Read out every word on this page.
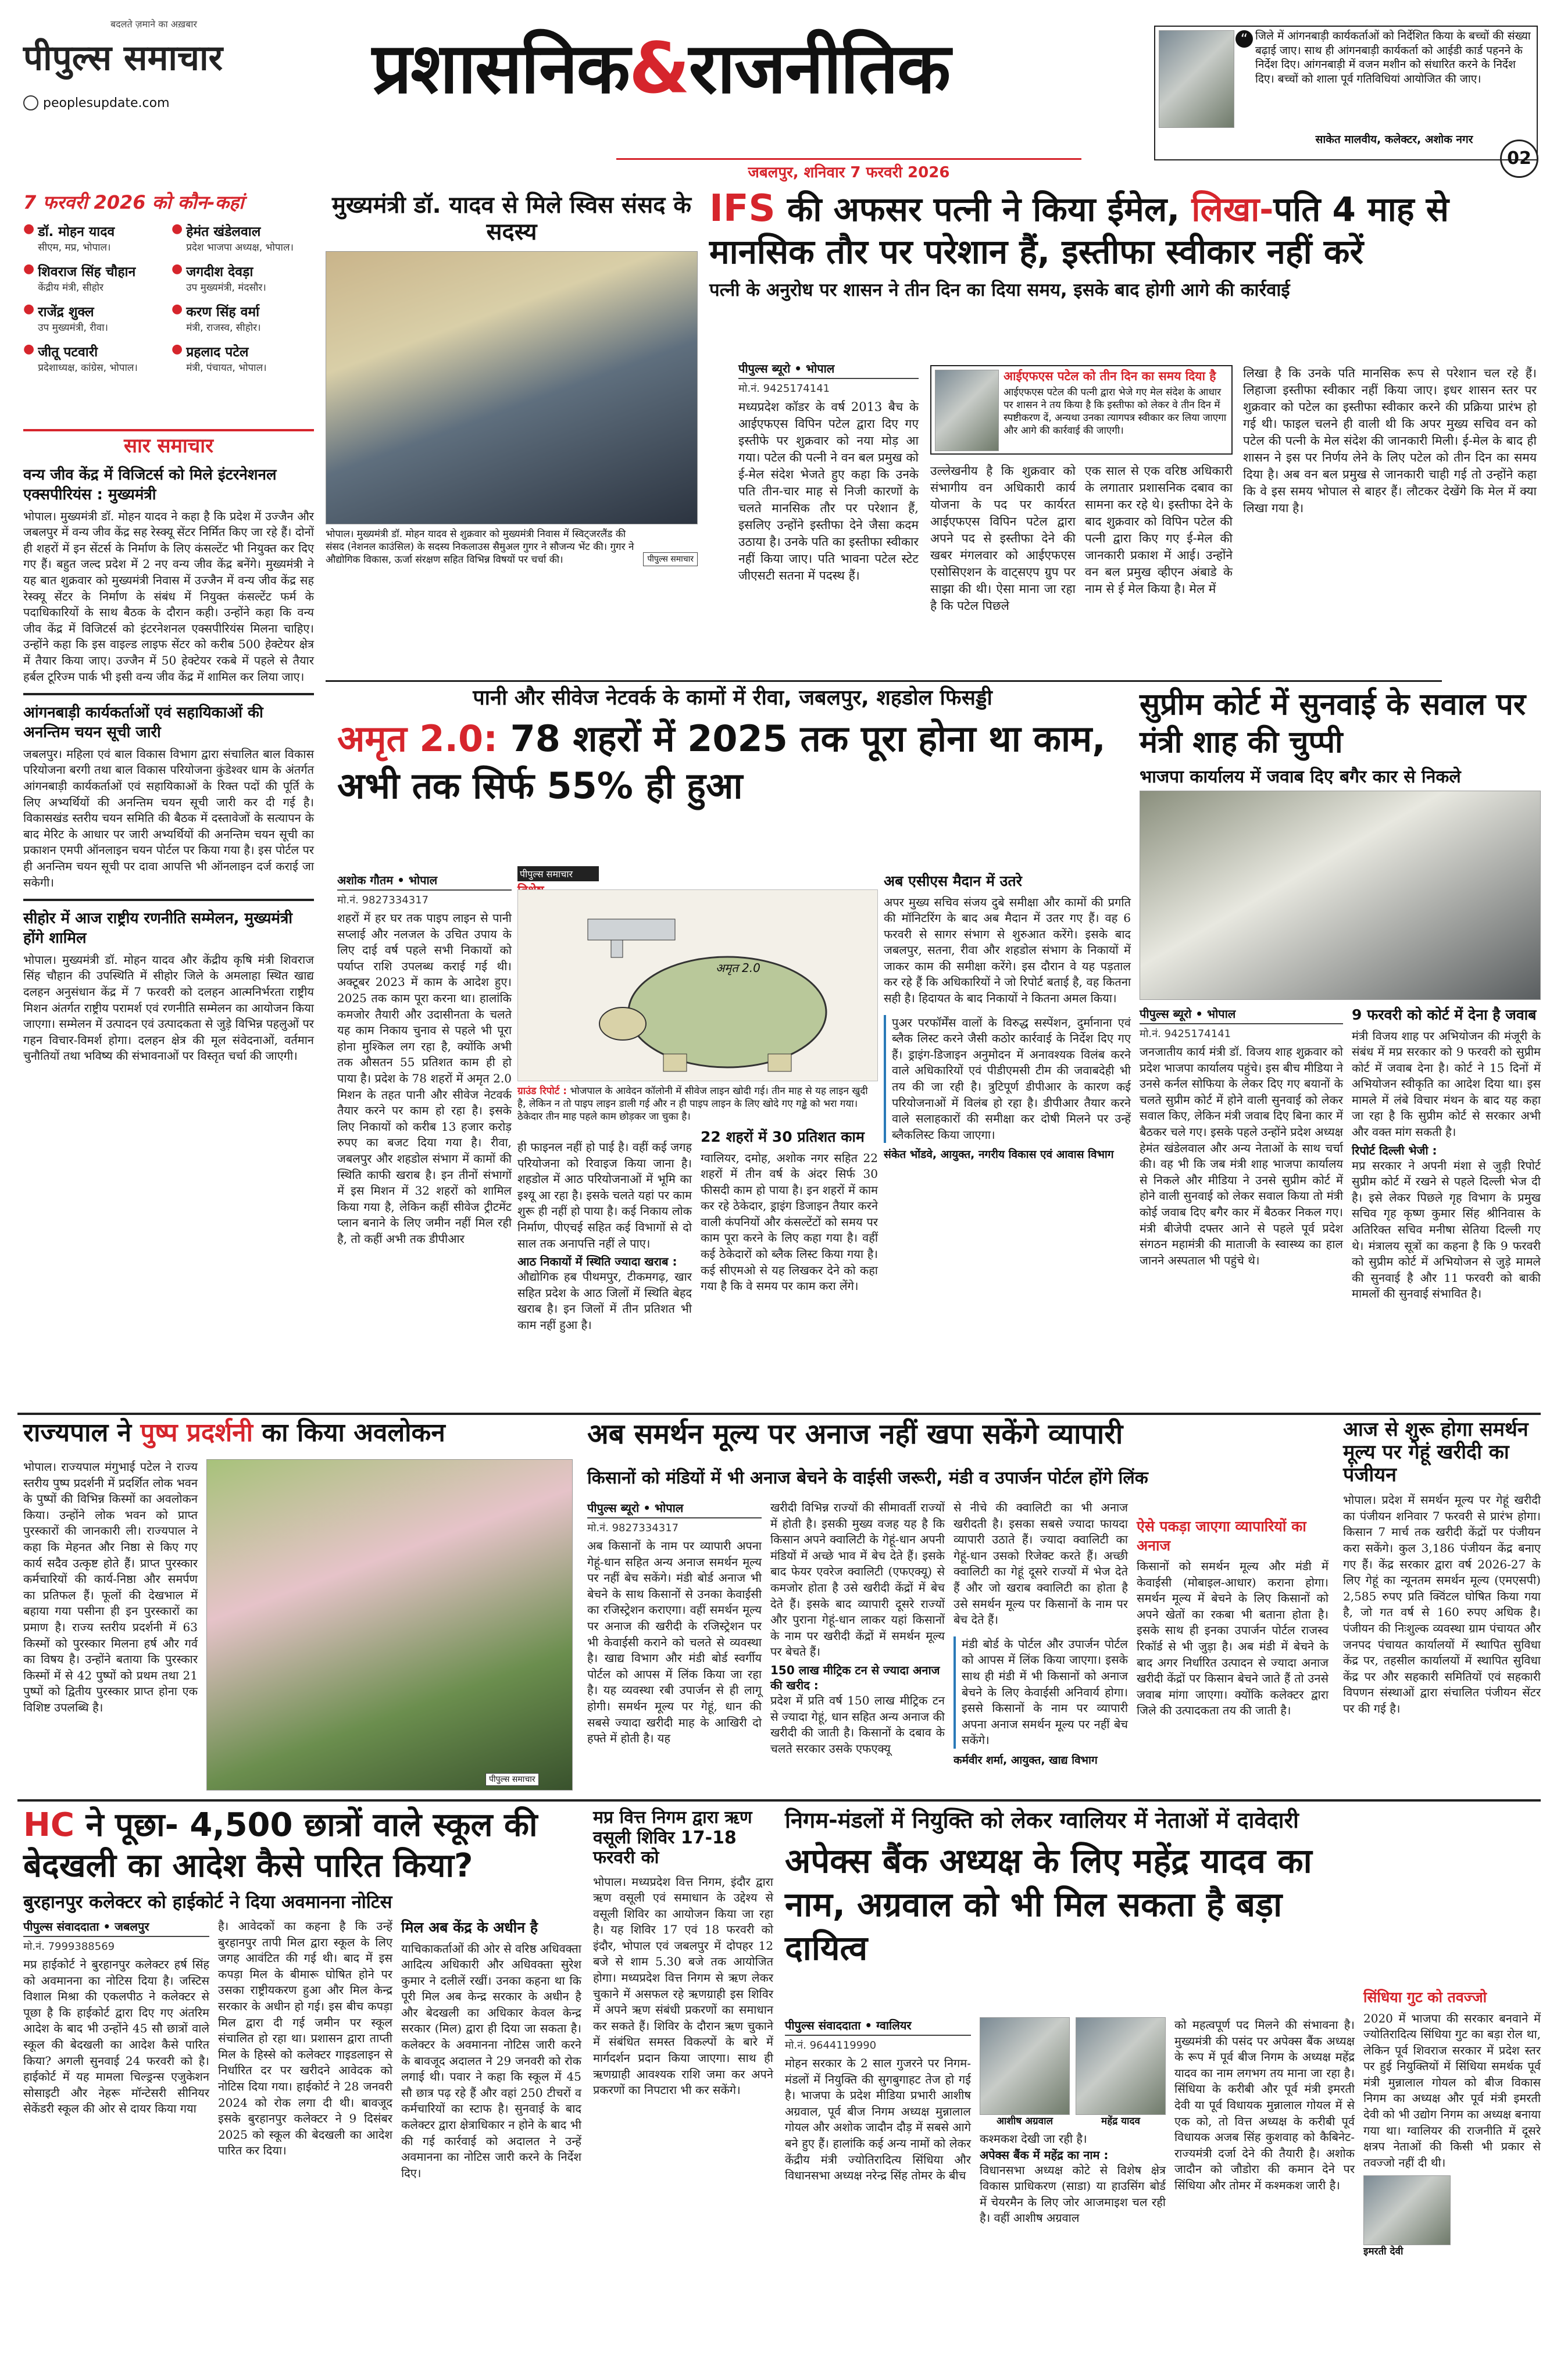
बदलते ज़माने का अख़बार
पीपुल्स समाचार
peoplesupdate.com	प्रशासनिक&राजनीतिक
जबलपुर, शनिवार 7 फरवरी 2026
“ जिले में आंगनबाड़ी कार्यकर्ताओं को निर्देशित किया के बच्चों की संख्या बढ़ाई जाए। साथ ही आंगनबाड़ी कार्यकर्ता को आईडी कार्ड पहनने के निर्देश दिए। आंगनबाड़ी में वजन मशीन को संधारित करने के निर्देश दिए। बच्चों को शाला पूर्व गतिविधियां आयोजित की जाए।
साकेत मालवीय, कलेक्टर, अशोक नगर
02
7 फरवरी 2026 को कौन-कहां
● डॉ. मोहन यादव
सीएम, मप्र, भोपाल।
● हेमंत खंडेलवाल
प्रदेश भाजपा अध्यक्ष, भोपाल।
● शिवराज सिंह चौहान
केंद्रीय मंत्री, सीहोर
● जगदीश देवड़ा
उप मुख्यमंत्री, मंदसौर।
● राजेंद्र शुक्ल
उप मुख्यमंत्री, रीवा।
● करण सिंह वर्मा
मंत्री, राजस्व, सीहोर।
● जीतू पटवारी
प्रदेशाध्यक्ष, कांग्रेस, भोपाल।
● प्रहलाद पटेल
मंत्री, पंचायत, भोपाल।
सार समाचार
वन्य जीव केंद्र में विजिटर्स को मिले इंटरनेशनल एक्सपीरियंस : मुख्यमंत्री
भोपाल। मुख्यमंत्री डॉ. मोहन यादव ने कहा है कि प्रदेश में उज्जैन और जबलपुर में वन्य जीव केंद्र सह रेस्क्यू सेंटर निर्मित किए जा रहे हैं। दोनों ही शहरों में इन सेंटर्स के निर्माण के लिए कंसल्टेंट भी नियुक्त कर दिए गए हैं। बहुत जल्द प्रदेश में 2 नए वन्य जीव केंद्र बनेंगे। मुख्यमंत्री ने यह बात शुक्रवार को मुख्यमंत्री निवास में उज्जैन में वन्य जीव केंद्र सह रेस्क्यू सेंटर के निर्माण के संबंध में नियुक्त कंसल्टेंट फर्म के पदाधिकारियों के साथ बैठक के दौरान कही। उन्होंने कहा कि वन्य जीव केंद्र में विजिटर्स को इंटरनेशनल एक्सपीरियंस मिलना चाहिए। उन्होंने कहा कि इस वाइल्ड लाइफ सेंटर को करीब 500 हेक्टेयर क्षेत्र में तैयार किया जाए। उज्जैन में 50 हेक्टेयर रकबे में पहले से तैयार हर्बल टूरिज्म पार्क भी इसी वन्य जीव केंद्र में शामिल कर लिया जाए।
आंगनबाड़ी कार्यकर्ताओं एवं सहायिकाओं की अनन्तिम चयन सूची जारी
जबलपुर। महिला एवं बाल विकास विभाग द्वारा संचालित बाल विकास परियोजना बरगी तथा बाल विकास परियोजना कुंडेश्वर धाम के अंतर्गत आंगनबाड़ी कार्यकर्ताओं एवं सहायिकाओं के रिक्त पदों की पूर्ति के लिए अभ्यर्थियों की अनन्तिम चयन सूची जारी कर दी गई है। विकासखंड स्तरीय चयन समिति की बैठक में दस्तावेजों के सत्यापन के बाद मेरिट के आधार पर जारी अभ्यर्थियों की अनन्तिम चयन सूची का प्रकाशन एमपी ऑनलाइन चयन पोर्टल पर किया गया है। इस पोर्टल पर ही अनन्तिम चयन सूची पर दावा आपत्ति भी ऑनलाइन दर्ज कराई जा सकेगी।
सीहोर में आज राष्ट्रीय रणनीति सम्मेलन, मुख्यमंत्री होंगे शामिल
भोपाल। मुख्यमंत्री डॉ. मोहन यादव और केंद्रीय कृषि मंत्री शिवराज सिंह चौहान की उपस्थिति में सीहोर जिले के अमलाहा स्थित खाद्य दलहन अनुसंधान केंद्र में 7 फरवरी को दलहन आत्मनिर्भरता राष्ट्रीय मिशन अंतर्गत राष्ट्रीय परामर्श एवं रणनीति सम्मेलन का आयोजन किया जाएगा। सम्मेलन में उत्पादन एवं उत्पादकता से जुड़े विभिन्न पहलुओं पर गहन विचार-विमर्श होगा। दलहन क्षेत्र की मूल संवेदनाओं, वर्तमान चुनौतियों तथा भविष्य की संभावनाओं पर विस्तृत चर्चा की जाएगी।
मुख्यमंत्री डॉ. यादव से मिले स्विस संसद के सदस्य
भोपाल। मुख्यमंत्री डॉ. मोहन यादव से शुक्रवार को मुख्यमंत्री निवास में स्विट्जरलैंड की संसद (नेशनल काउंसिल) के सदस्य निकलाउस सैमुअल गुगर ने सौजन्य भेंट की। गुगर ने औद्योगिक विकास, ऊर्जा संरक्षण सहित विभिन्न विषयों पर चर्चा की।	पीपुल्स समाचार
IFS की अफसर पत्नी ने किया ईमेल, लिखा-पति 4 माह से मानसिक तौर पर परेशान हैं, इस्तीफा स्वीकार नहीं करें
पत्नी के अनुरोध पर शासन ने तीन दिन का दिया समय, इसके बाद होगी आगे की कार्रवाई
पीपुल्स ब्यूरो • भोपाल
मो.नं. 9425174141
मध्यप्रदेश कॉडर के वर्ष 2013 बैच के आईएफएस विपिन पटेल द्वारा दिए गए इस्तीफे पर शुक्रवार को नया मोड़ आ गया। पटेल की पत्नी ने वन बल प्रमुख को ई-मेल संदेश भेजते हुए कहा कि उनके पति तीन-चार माह से निजी कारणों के चलते मानसिक तौर पर परेशान हैं, इसलिए उन्होंने इस्तीफा देने जैसा कदम उठाया है। उनके पति का इस्तीफा स्वीकार नहीं किया जाए। पति भावना पटेल स्टेट जीएसटी सतना में पदस्थ हैं।
आईएफएस पटेल को तीन दिन का समय दिया है
आईएफएस पटेल की पत्नी द्वारा भेजे गए मेल संदेश के आधार पर शासन ने तय किया है कि इस्तीफा को लेकर वे तीन दिन में स्पष्टीकरण दें, अन्यथा उनका त्यागपत्र स्वीकार कर लिया जाएगा और आगे की कार्रवाई की जाएगी।
उल्लेखनीय है कि शुक्रवार को संभागीय वन अधिकारी कार्य योजना के पद पर कार्यरत आईएफएस विपिन पटेल द्वारा अपने पद से इस्तीफा देने की खबर मंगलवार को आईएफएस एसोसिएशन के वाट्सएप ग्रुप पर साझा की थी। ऐसा माना जा रहा है कि पटेल पिछले
एक साल से एक वरिष्ठ अधिकारी के लगातार प्रशासनिक दबाव का सामना कर रहे थे। इस्तीफा देने के बाद शुक्रवार को विपिन पटेल की पत्नी द्वारा किए गए ई-मेल की जानकारी प्रकाश में आई। उन्होंने वन बल प्रमुख व्हीएन अंबाडे के नाम से ई मेल किया है। मेल में
लिखा है कि उनके पति मानसिक रूप से परेशान चल रहे हैं। लिहाजा इस्तीफा स्वीकार नहीं किया जाए। इधर शासन स्तर पर शुक्रवार को पटेल का इस्तीफा स्वीकार करने की प्रक्रिया प्रारंभ हो गई थी। फाइल चलने ही वाली थी कि अपर मुख्य सचिव वन को पटेल की पत्नी के मेल संदेश की जानकारी मिली। ई-मेल के बाद ही शासन ने इस पर निर्णय लेने के लिए पटेल को तीन दिन का समय दिया है। अब वन बल प्रमुख से जानकारी चाही गई तो उन्होंने कहा कि वे इस समय भोपाल से बाहर हैं। लौटकर देखेंगे कि मेल में क्या लिखा गया है।
पानी और सीवेज नेटवर्क के कामों में रीवा, जबलपुर, शहडोल फिसड्डी
अमृत 2.0: 78 शहरों में 2025 तक पूरा होना था काम, अभी तक सिर्फ 55% ही हुआ
अशोक गौतम • भोपाल
मो.नं. 9827334317
शहरों में हर घर तक पाइप लाइन से पानी सप्लाई और नलजल के उचित उपाय के लिए दाई वर्ष पहले सभी निकायों को पर्याप्त राशि उपलब्ध कराई गई थी। अक्टूबर 2023 में काम के आदेश हुए। 2025 तक काम पूरा करना था। हालांकि कमजोर तैयारी और उदासीनता के चलते यह काम निकाय चुनाव से पहले भी पूरा होना मुश्किल लग रहा है, क्योंकि अभी तक औसतन 55 प्रतिशत काम ही हो पाया है। प्रदेश के 78 शहरों में अमृत 2.0 मिशन के तहत पानी और सीवेज नेटवर्क तैयार करने पर काम हो रहा है। इसके लिए निकायों को करीब 13 हजार करोड़ रुपए का बजट दिया गया है। रीवा, जबलपुर और शहडोल संभाग में कामों की स्थिति काफी खराब है। इन तीनों संभागों में इस मिशन में 32 शहरों को शामिल किया गया है, लेकिन कहीं सीवेज ट्रीटमेंट प्लान बनाने के लिए जमीन नहीं मिल रही है, तो कहीं अभी तक डीपीआर
पीपुल्स समाचार
अमृत 2.0
ग्राउंड रिपोर्ट : भोजपाल के आवेदन कॉलोनी में सीवेज लाइन खोदी गई। तीन माह से यह लाइन खुदी है, लेकिन न तो पाइप लाइन डाली गई और न ही पाइप लाइन के लिए खोदे गए गड्ढे को भरा गया। ठेकेदार तीन माह पहले काम छोड़कर जा चुका है।
ही फाइनल नहीं हो पाई है। वहीं कई जगह परियोजना को रिवाइज किया जाना है। शहडोल में आठ परियोजनाओं में भूमि का इश्यू आ रहा है। इसके चलते यहां पर काम शुरू ही नहीं हो पाया है। कई निकाय लोक निर्माण, पीएचई सहित कई विभागों से दो साल तक अनापत्ति नहीं ले पाए।
आठ निकायों में स्थिति ज्यादा खराब :
औद्योगिक हब पीथमपुर, टीकमगढ़, खार सहित प्रदेश के आठ जिलों में स्थिति बेहद खराब है। इन जिलों में तीन प्रतिशत भी काम नहीं हुआ है।
22 शहरों में 30 प्रतिशत काम
ग्वालियर, दमोह, अशोक नगर सहित 22 शहरों में तीन वर्ष के अंदर सिर्फ 30 फीसदी काम हो पाया है। इन शहरों में काम कर रहे ठेकेदार, ड्राइंग डिजाइन तैयार करने वाली कंपनियों और कंसल्टेंटों को समय पर काम पूरा करने के लिए कहा गया है। वहीं कई ठेकेदारों को ब्लैक लिस्ट किया गया है। कई सीएमओ से यह लिखकर देने को कहा गया है कि वे समय पर काम करा लेंगे।
अब एसीएस मैदान में उतरे
अपर मुख्य सचिव संजय दुबे समीक्षा और कामों की प्रगति की मॉनिटरिंग के बाद अब मैदान में उतर गए हैं। वह 6 फरवरी से सागर संभाग से शुरुआत करेंगे। इसके बाद जबलपुर, सतना, रीवा और शहडोल संभाग के निकायों में जाकर काम की समीक्षा करेंगे। इस दौरान वे यह पड़ताल कर रहे हैं कि अधिकारियों ने जो रिपोर्ट बताई है, वह कितना सही है। हिदायत के बाद निकायों ने कितना अमल किया।
पुअर परफॉर्मेंस वालों के विरुद्ध सस्पेंशन, दुर्मानाना एवं ब्लैक लिस्ट करने जैसी कठोर कार्रवाई के निर्देश दिए गए हैं। ड्राइंग-डिजाइन अनुमोदन में अनावश्यक विलंब करने वाले अधिकारियों एवं पीडीएमसी टीम की जवाबदेही भी तय की जा रही है। त्रुटिपूर्ण डीपीआर के कारण कई परियोजनाओं में विलंब हो रहा है। डीपीआर तैयार करने वाले सलाहकारों की समीक्षा कर दोषी मिलने पर उन्हें ब्लैकलिस्ट किया जाएगा।
संकेत भोंडवे, आयुक्त, नगरीय विकास एवं आवास विभाग
सुप्रीम कोर्ट में सुनवाई के सवाल पर मंत्री शाह की चुप्पी
भाजपा कार्यालय में जवाब दिए बगैर कार से निकले
पीपुल्स ब्यूरो • भोपाल
मो.नं. 9425174141
जनजातीय कार्य मंत्री डॉ. विजय शाह शुक्रवार को प्रदेश भाजपा कार्यालय पहुंचे। इस बीच मीडिया ने उनसे कर्नल सोफिया के लेकर दिए गए बयानों के चलते सुप्रीम कोर्ट में होने वाली सुनवाई को लेकर सवाल किए, लेकिन मंत्री जवाब दिए बिना कार में बैठकर चले गए। इसके पहले उन्होंने प्रदेश अध्यक्ष हेमंत खंडेलवाल और अन्य नेताओं के साथ चर्चा की। वह भी कि जब मंत्री शाह भाजपा कार्यालय से निकले और मीडिया ने उनसे सुप्रीम कोर्ट में होने वाली सुनवाई को लेकर सवाल किया तो मंत्री कोई जवाब दिए बगैर कार में बैठकर निकल गए। मंत्री बीजेपी दफ्तर आने से पहले पूर्व प्रदेश संगठन महामंत्री की माताजी के स्वास्थ्य का हाल जानने अस्पताल भी पहुंचे थे।
9 फरवरी को कोर्ट में देना है जवाब
मंत्री विजय शाह पर अभियोजन की मंजूरी के संबंध में मप्र सरकार को 9 फरवरी को सुप्रीम कोर्ट में जवाब देना है। कोर्ट ने 15 दिनों में अभियोजन स्वीकृति का आदेश दिया था। इस मामले में लंबे विचार मंथन के बाद यह कहा जा रहा है कि सुप्रीम कोर्ट से सरकार अभी और वक्त मांग सकती है।
रिपोर्ट दिल्ली भेजी :
मप्र सरकार ने अपनी मंशा से जुड़ी रिपोर्ट सुप्रीम कोर्ट में रखने से पहले दिल्ली भेज दी है। इसे लेकर पिछले गृह विभाग के प्रमुख सचिव गृह कृष्ण कुमार सिंह श्रीनिवास के अतिरिक्त सचिव मनीषा सेतिया दिल्ली गए थे। मंत्रालय सूत्रों का कहना है कि 9 फरवरी को सुप्रीम कोर्ट में अभियोजन से जुड़े मामले की सुनवाई है और 11 फरवरी को बाकी मामलों की सुनवाई संभावित है।
राज्यपाल ने पुष्प प्रदर्शनी का किया अवलोकन
भोपाल। राज्यपाल मंगुभाई पटेल ने राज्य स्तरीय पुष्प प्रदर्शनी में प्रदर्शित लोक भवन के पुष्पों की विभिन्न किस्मों का अवलोकन किया। उन्होंने लोक भवन को प्राप्त पुरस्कारों की जानकारी ली। राज्यपाल ने कहा कि मेहनत और निष्ठा से किए गए कार्य सदैव उत्कृष्ट होते हैं। प्राप्त पुरस्कार कर्मचारियों की कार्य-निष्ठा और समर्पण का प्रतिफल हैं। फूलों की देखभाल में बहाया गया पसीना ही इन पुरस्कारों का प्रमाण है। राज्य स्तरीय प्रदर्शनी में 63 किस्मों को पुरस्कार मिलना हर्ष और गर्व का विषय है। उन्होंने बताया कि पुरस्कार किस्मों में से 42 पुष्पों को प्रथम तथा 21 पुष्पों को द्वितीय पुरस्कार प्राप्त होना एक विशिष्ट उपलब्धि है।
पीपुल्स समाचार
अब समर्थन मूल्य पर अनाज नहीं खपा सकेंगे व्यापारी
किसानों को मंडियों में भी अनाज बेचने के वाईसी जरूरी, मंडी व उपार्जन पोर्टल होंगे लिंक
पीपुल्स ब्यूरो • भोपाल
मो.नं. 9827334317
अब किसानों के नाम पर व्यापारी अपना गेहूं-धान सहित अन्य अनाज समर्थन मूल्य पर नहीं बेच सकेंगे। मंडी बोर्ड अनाज भी बेचने के साथ किसानों से उनका केवाईसी का रजिस्ट्रेशन कराएगा। वहीं समर्थन मूल्य पर अनाज की खरीदी के रजिस्ट्रेशन पर भी केवाईसी कराने को चलते से व्यवस्था है। खाद्य विभाग और मंडी बोर्ड स्वर्गीय पोर्टल को आपस में लिंक किया जा रहा है। यह व्यवस्था रबी उपार्जन से ही लागू होगी। समर्थन मूल्य पर गेहूं, धान की सबसे ज्यादा खरीदी माह के आखिरी दो हफ्ते में होती है। यह
खरीदी विभिन्न राज्यों की सीमावर्ती राज्यों में होती है। इसकी मुख्य वजह यह है कि किसान अपने क्वालिटी के गेहूं-धान अपनी मंडियों में अच्छे भाव में बेच देते हैं। इसके बाद फेयर एवरेज क्वालिटी (एफएक्यू) से कमजोर होता है उसे खरीदी केंद्रों में बेच देते हैं। इसके बाद व्यापारी दूसरे राज्यों और पुराना गेहूं-धान लाकर यहां किसानों के नाम पर खरीदी केंद्रों में समर्थन मूल्य पर बेचते हैं।
150 लाख मीट्रिक टन से ज्यादा अनाज की खरीद :
प्रदेश में प्रति वर्ष 150 लाख मीट्रिक टन से ज्यादा गेहूं, धान सहित अन्य अनाज की खरीदी की जाती है। किसानों के दबाव के चलते सरकार उसके एफएक्यू
से नीचे की क्वालिटी का भी अनाज खरीदती है। इसका सबसे ज्यादा फायदा व्यापारी उठाते हैं। ज्यादा क्वालिटी का गेहूं-धान उसको रिजेक्ट करते हैं। अच्छी क्वालिटी का गेहूं दूसरे राज्यों में भेज देते हैं और जो खराब क्वालिटी का होता है उसे समर्थन मूल्य पर किसानों के नाम पर बेच देते हैं।
मंडी बोर्ड के पोर्टल और उपार्जन पोर्टल को आपस में लिंक किया जाएगा। इसके साथ ही मंडी में भी किसानों को अनाज बेचने के लिए केवाईसी अनिवार्य होगा। इससे किसानों के नाम पर व्यापारी अपना अनाज समर्थन मूल्य पर नहीं बेच सकेंगे।
कर्मवीर शर्मा, आयुक्त, खाद्य विभाग
ऐसे पकड़ा जाएगा व्यापारियों का अनाज
किसानों को समर्थन मूल्य और मंडी में केवाईसी (मोबाइल-आधार) कराना होगा। समर्थन मूल्य में बेचने के लिए किसानों को अपने खेतों का रकबा भी बताना होता है। इसके साथ ही इनका उपार्जन पोर्टल राजस्व रिकॉर्ड से भी जुड़ा है। अब मंडी में बेचने के बाद अगर निर्धारित उत्पादन से ज्यादा अनाज खरीदी केंद्रों पर किसान बेचने जाते हैं तो उनसे जवाब मांगा जाएगा। क्योंकि कलेक्टर द्वारा जिले की उत्पादकता तय की जाती है।
आज से शुरू होगा समर्थन मूल्य पर गेहूं खरीदी का पंजीयन
भोपाल। प्रदेश में समर्थन मूल्य पर गेहूं खरीदी का पंजीयन शनिवार 7 फरवरी से प्रारंभ होगा। किसान 7 मार्च तक खरीदी केंद्रों पर पंजीयन करा सकेंगे। कुल 3,186 पंजीयन केंद्र बनाए गए हैं। केंद्र सरकार द्वारा वर्ष 2026-27 के लिए गेहूं का न्यूनतम समर्थन मूल्य (एमएसपी) 2,585 रुपए प्रति क्विंटल घोषित किया गया है, जो गत वर्ष से 160 रुपए अधिक है। पंजीयन की निःशुल्क व्यवस्था ग्राम पंचायत और जनपद पंचायत कार्यालयों में स्थापित सुविधा केंद्र पर, तहसील कार्यालयों में स्थापित सुविधा केंद्र पर और सहकारी समितियों एवं सहकारी विपणन संस्थाओं द्वारा संचालित पंजीयन सेंटर पर की गई है।
HC ने पूछा- 4,500 छात्रों वाले स्कूल की बेदखली का आदेश कैसे पारित किया?
बुरहानपुर कलेक्टर को हाईकोर्ट ने दिया अवमानना नोटिस
पीपुल्स संवाददाता • जबलपुर
मो.नं. 7999388569
मप्र हाईकोर्ट ने बुरहानपुर कलेक्टर हर्ष सिंह को अवमानना का नोटिस दिया है। जस्टिस विशाल मिश्रा की एकलपीठ ने कलेक्टर से पूछा है कि हाईकोर्ट द्वारा दिए गए अंतरिम आदेश के बाद भी उन्होंने 45 सौ छात्रों वाले स्कूल की बेदखली का आदेश कैसे पारित किया? अगली सुनवाई 24 फरवरी को है। हाईकोर्ट में यह मामला चिल्ड्रन्स एजुकेशन सोसाइटी और नेहरू मॉन्टेसरी सीनियर सेकेंडरी स्कूल की ओर से दायर किया गया
है। आवेदकों का कहना है कि उन्हें बुरहानपुर तापी मिल द्वारा स्कूल के लिए जगह आवंटित की गई थी। बाद में इस कपड़ा मिल के बीमारू घोषित होने पर उसका राष्ट्रीयकरण हुआ और मिल केन्द्र सरकार के अधीन हो गई। इस बीच कपड़ा मिल द्वारा दी गई जमीन पर स्कूल संचालित हो रहा था। प्रशासन द्वारा ताप्ती मिल के हिस्से को कलेक्टर गाइडलाइन से निर्धारित दर पर खरीदने आवेदक को नोटिस दिया गया। हाईकोर्ट ने 28 जनवरी 2024 को रोक लगा दी थी। बावजूद इसके बुरहानपुर कलेक्टर ने 9 दिसंबर 2025 को स्कूल की बेदखली का आदेश पारित कर दिया।
मिल अब केंद्र के अधीन है
याचिकाकर्ताओं की ओर से वरिष्ठ अधिवक्ता आदित्य अधिकारी और अधिवक्ता सुरेश कुमार ने दलीलें रखीं। उनका कहना था कि पूरी मिल अब केन्द्र सरकार के अधीन है और बेदखली का अधिकार केवल केन्द्र सरकार (मिल) द्वारा ही दिया जा सकता है। कलेक्टर के अवमानना नोटिस जारी करने के बावजूद अदालत ने 29 जनवरी को रोक लगाई थी। पवार ने कहा कि स्कूल में 45 सौ छात्र पढ़ रहे हैं और वहां 250 टीचरों व कर्मचारियों का स्टाफ है। सुनवाई के बाद कलेक्टर द्वारा क्षेत्राधिकार न होने के बाद भी की गई कार्रवाई को अदालत ने उन्हें अवमानना का नोटिस जारी करने के निर्देश दिए।
मप्र वित्त निगम द्वारा ऋण वसूली शिविर 17-18 फरवरी को
भोपाल। मध्यप्रदेश वित्त निगम, इंदौर द्वारा ऋण वसूली एवं समाधान के उद्देश्य से वसूली शिविर का आयोजन किया जा रहा है। यह शिविर 17 एवं 18 फरवरी को इंदौर, भोपाल एवं जबलपुर में दोपहर 12 बजे से शाम 5.30 बजे तक आयोजित होगा। मध्यप्रदेश वित्त निगम से ऋण लेकर चुकाने में असफल रहे ऋणग्राही इस शिविर में अपने ऋण संबंधी प्रकरणों का समाधान कर सकते हैं। शिविर के दौरान ऋण चुकाने में संबंधित समस्त विकल्पों के बारे में मार्गदर्शन प्रदान किया जाएगा। साथ ही ऋणग्राही आवश्यक राशि जमा कर अपने प्रकरणों का निपटारा भी कर सकेंगे।
निगम-मंडलों में नियुक्ति को लेकर ग्वालियर में नेताओं में दावेदारी
अपेक्स बैंक अध्यक्ष के लिए महेंद्र यादव का नाम, अग्रवाल को भी मिल सकता है बड़ा दायित्व
पीपुल्स संवाददाता • ग्वालियर
मो.नं. 9644119990
मोहन सरकार के 2 साल गुजरने पर निगम-मंडलों में नियुक्ति की सुगबुगाहट तेज हो गई है। भाजपा के प्रदेश मीडिया प्रभारी आशीष अग्रवाल, पूर्व बीज निगम अध्यक्ष मुन्नालाल गोयल और अशोक जादौन दौड़ में सबसे आगे बने हुए हैं। हालांकि कई अन्य नामों को लेकर केंद्रीय मंत्री ज्योतिरादित्य सिंधिया और विधानसभा अध्यक्ष नरेन्द्र सिंह तोमर के बीच
आशीष अग्रवाल	महेंद्र यादव
कश्मकश देखी जा रही है।
अपेक्स बैंक में महेंद्र का नाम :
विधानसभा अध्यक्ष कोटे से विशेष क्षेत्र विकास प्राधिकरण (साडा) या हाउसिंग बोर्ड में चेयरमैन के लिए जोर आजमाइश चल रही है। वहीं आशीष अग्रवाल
को महत्वपूर्ण पद मिलने की संभावना है। मुख्यमंत्री की पसंद पर अपेक्स बैंक अध्यक्ष के रूप में पूर्व बीज निगम के अध्यक्ष महेंद्र यादव का नाम लगभग तय माना जा रहा है। सिंधिया के करीबी और पूर्व मंत्री इमरती देवी या पूर्व विधायक मुन्नालाल गोयल में से एक को, तो वित्त अध्यक्ष के करीबी पूर्व विधायक अजब सिंह कुशवाह को कैबिनेट-राज्यमंत्री दर्जा देने की तैयारी है। अशोक जादौन को जौडोरा की कमान देने पर सिंधिया और तोमर में कश्मकश जारी है।
सिंधिया गुट को तवज्जो
2020 में भाजपा की सरकार बनवाने में ज्योतिरादित्य सिंधिया गुट का बड़ा रोल था, लेकिन पूर्व शिवराज सरकार में प्रदेश स्तर पर हुई नियुक्तियों में सिंधिया समर्थक पूर्व मंत्री मुन्नालाल गोयल को बीज विकास निगम का अध्यक्ष और पूर्व मंत्री इमरती देवी को भी उद्योग निगम का अध्यक्ष बनाया गया था। ग्वालियर की राजनीति में दूसरे क्षत्रप नेताओं की किसी भी प्रकार से तवज्जो नहीं दी थी।
इमरती देवी
